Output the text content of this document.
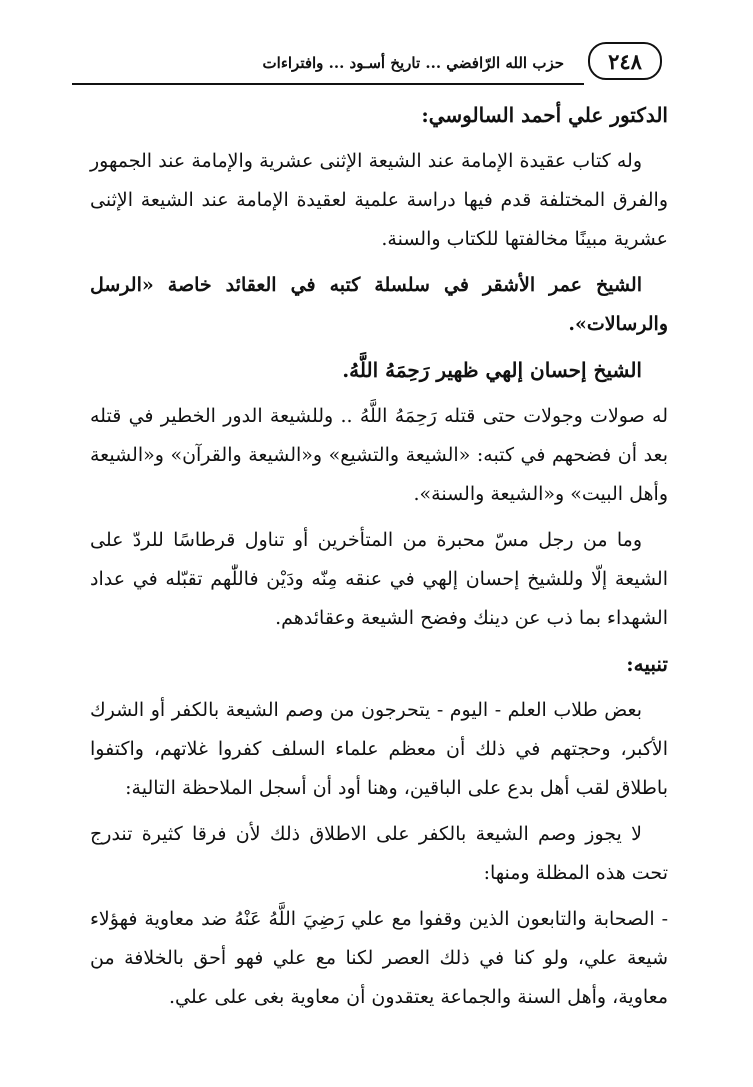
٢٤٨
حزب الله الرّافضي ... تاريخ أسـود ... وافتراءات

الدكتور علي أحمد السالوسي:

وله كتاب عقيدة الإمامة عند الشيعة الإثنى عشرية والإمامة عند الجمهور والفرق المختلفة قدم فيها دراسة علمية لعقيدة الإمامة عند الشيعة الإثنى عشرية مبينًا مخالفتها للكتاب والسنة.

الشيخ عمر الأشقر في سلسلة كتبه في العقائد خاصة «الرسل والرسالات».

الشيخ إحسان إلهي ظهير رَحِمَهُ اللَّهُ.

له صولات وجولات حتى قتله رَحِمَهُ اللَّهُ .. وللشيعة الدور الخطير في قتله بعد أن فضحهم في كتبه: «الشيعة والتشيع» و«الشيعة والقرآن» و«الشيعة وأهل البيت» و«الشيعة والسنة».

وما من رجل مسّ محبرة من المتأخرين أو تناول قرطاسًا للردّ على الشيعة إلّا وللشيخ إحسان إلهي في عنقه مِنّه ودَيْن فاللّٰهم تقبّله في عداد الشهداء بما ذب عن دينك وفضح الشيعة وعقائدهم.

تنبيه:

بعض طلاب العلم - اليوم - يتحرجون من وصم الشيعة بالكفر أو الشرك الأكبر، وحجتهم في ذلك أن معظم علماء السلف كفروا غلاتهم، واكتفوا باطلاق لقب أهل بدع على الباقين، وهنا أود أن أسجل الملاحظة التالية:

لا يجوز وصم الشيعة بالكفر على الاطلاق ذلك لأن فرقا كثيرة تندرج تحت هذه المظلة ومنها:

- الصحابة والتابعون الذين وقفوا مع علي رَضِيَ اللَّهُ عَنْهُ ضد معاوية فهؤلاء شيعة علي، ولو كنا في ذلك العصر لكنا مع علي فهو أحق بالخلافة من معاوية، وأهل السنة والجماعة يعتقدون أن معاوية بغى على علي.
